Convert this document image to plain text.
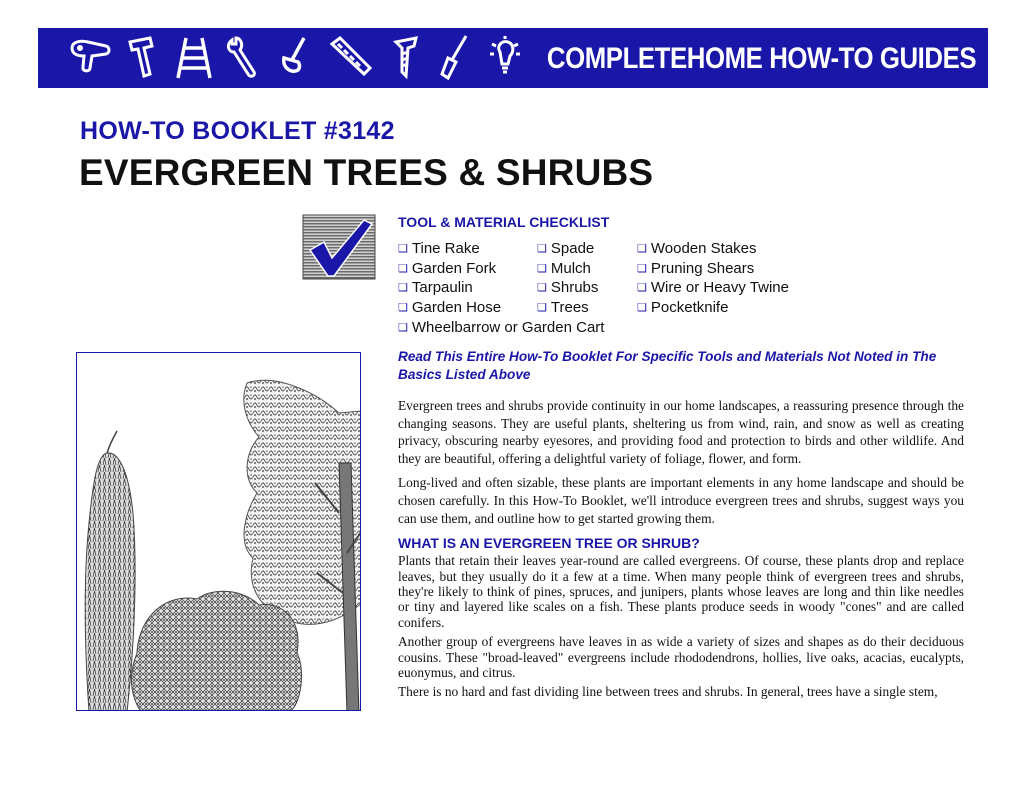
COMPLETEHOME HOW-TO GUIDES
HOW-TO BOOKLET #3142
EVERGREEN TREES & SHRUBS
TOOL & MATERIAL CHECKLIST
❑ Tine Rake
❑ Garden Fork
❑ Tarpaulin
❑ Garden Hose
❑ Wheelbarrow or Garden Cart
❑ Spade
❑ Mulch
❑ Shrubs
❑ Trees
❑ Wooden Stakes
❑ Pruning Shears
❑ Wire or Heavy Twine
❑ Pocketknife
Read This Entire How-To Booklet For Specific Tools and Materials Not Noted in The Basics Listed Above

Evergreen trees and shrubs provide continuity in our home landscapes, a reassuring presence through the changing seasons. They are useful plants, sheltering us from wind, rain, and snow as well as creating privacy, obscuring nearby eyesores, and providing food and protection to birds and other wildlife. And they are beautiful, offering a delightful variety of foliage, flower, and form.

Long-lived and often sizable, these plants are important elements in any home landscape and should be chosen carefully. In this How-To Booklet, we'll introduce evergreen trees and shrubs, suggest ways you can use them, and outline how to get started growing them.

WHAT IS AN EVERGREEN TREE OR SHRUB?

Plants that retain their leaves year-round are called evergreens. Of course, these plants drop and replace leaves, but they usually do it a few at a time. When many people think of evergreen trees and shrubs, they're likely to think of pines, spruces, and junipers, plants whose leaves are long and thin like needles or tiny and layered like scales on a fish. These plants produce seeds in woody "cones" and are called conifers.

Another group of evergreens have leaves in as wide a variety of sizes and shapes as do their deciduous cousins. These "broad-leaved" evergreens include rhododendrons, hollies, live oaks, acacias, eucalypts, euonymus, and citrus.

There is no hard and fast dividing line between trees and shrubs. In general, trees have a single stem,
